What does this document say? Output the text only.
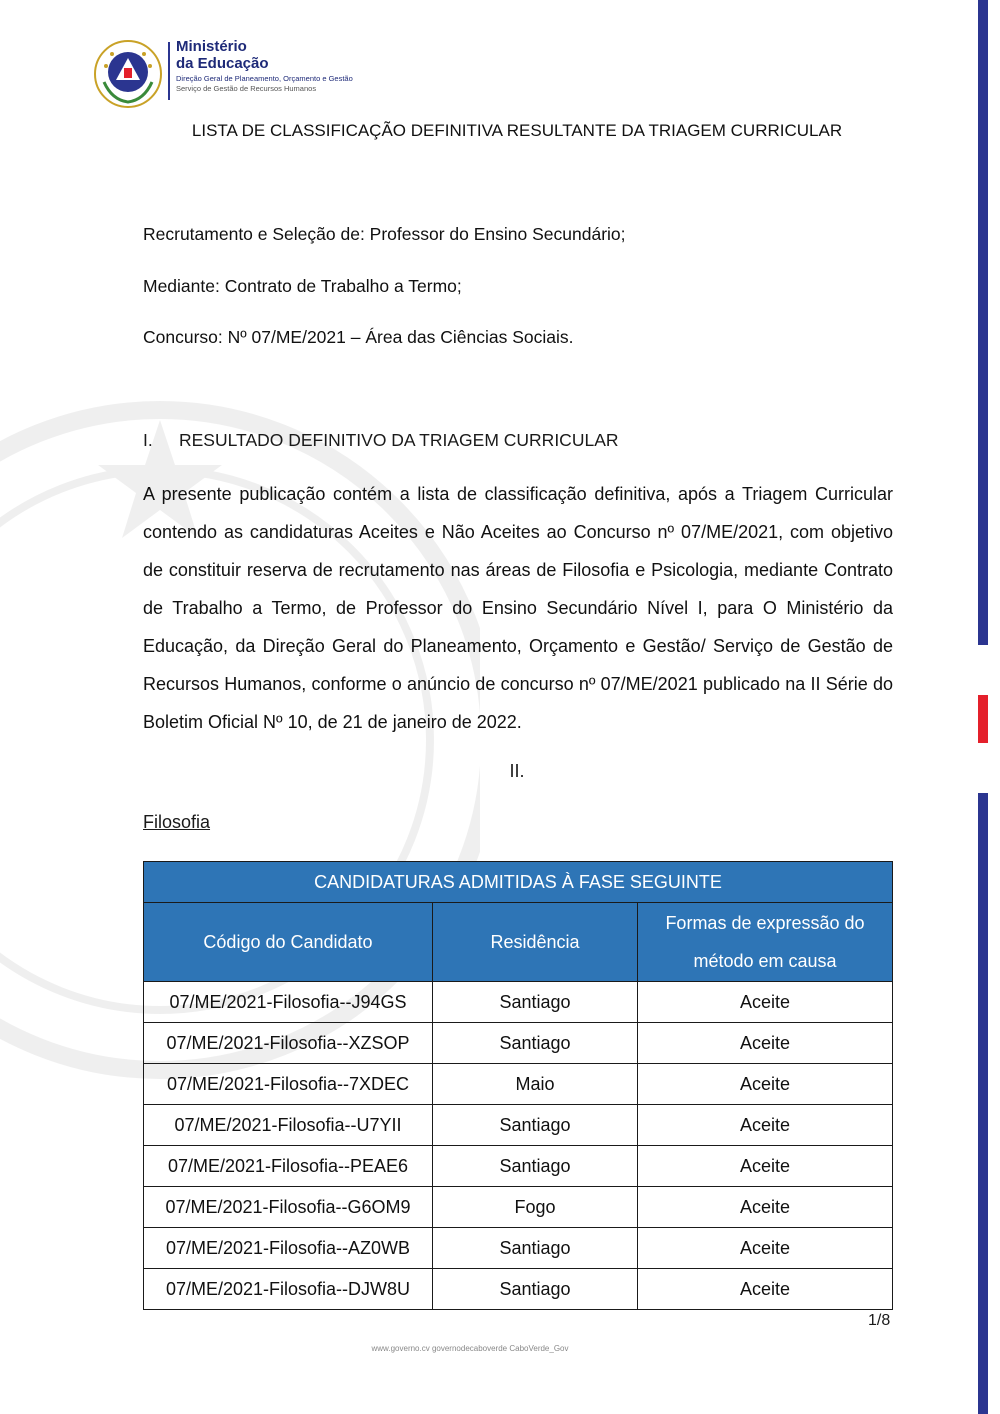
Ministério
da Educação
Direção Geral de Planeamento, Orçamento e Gestão
Serviço de Gestão de Recursos Humanos
LISTA DE CLASSIFICAÇÃO DEFINITIVA RESULTANTE DA TRIAGEM CURRICULAR
Recrutamento e Seleção de: Professor do Ensino Secundário;
Mediante: Contrato de Trabalho a Termo;
Concurso: Nº 07/ME/2021 – Área das Ciências Sociais.
I. RESULTADO DEFINITIVO DA TRIAGEM CURRICULAR
A presente publicação contém a lista de classificação definitiva, após a Triagem Curricular contendo as candidaturas Aceites e Não Aceites ao Concurso nº 07/ME/2021, com objetivo de constituir reserva de recrutamento nas áreas de Filosofia e Psicologia, mediante Contrato de Trabalho a Termo, de Professor do Ensino Secundário Nível I, para O Ministério da Educação, da Direção Geral do Planeamento, Orçamento e Gestão/ Serviço de Gestão de Recursos Humanos, conforme o anúncio de concurso nº 07/ME/2021 publicado na II Série do Boletim Oficial Nº 10, de 21 de janeiro de 2022.
II.
Filosofia
CANDIDATURAS ADMITIDAS À FASE SEGUINTE		
Código do Candidato	Residência	Formas de expressão do método em causa
07/ME/2021-Filosofia--J94GS	Santiago	Aceite
07/ME/2021-Filosofia--XZSOP	Santiago	Aceite
07/ME/2021-Filosofia--7XDEC	Maio	Aceite
07/ME/2021-Filosofia--U7YII	Santiago	Aceite
07/ME/2021-Filosofia--PEAE6	Santiago	Aceite
07/ME/2021-Filosofia--G6OM9	Fogo	Aceite
07/ME/2021-Filosofia--AZ0WB	Santiago	Aceite
07/ME/2021-Filosofia--DJW8U	Santiago	Aceite
1/8
www.governo.cv governodecaboverde CaboVerde_Gov
